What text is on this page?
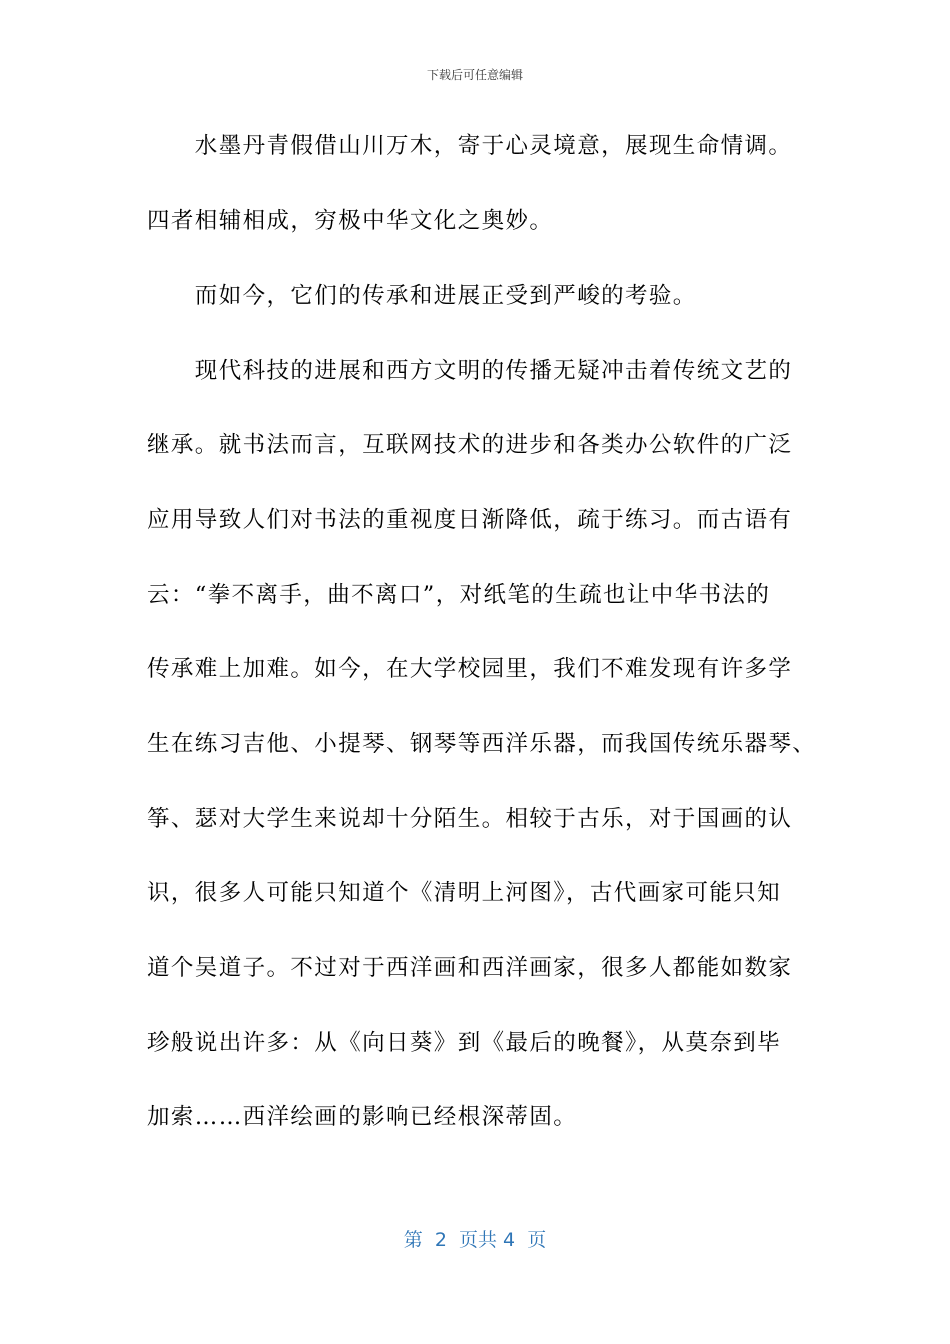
下载后可任意编辑
　　水墨丹青假借山川万木，寄于心灵境意，展现生命情调。
四者相辅相成，穷极中华文化之奥妙。
　　而如今，它们的传承和进展正受到严峻的考验。
　　现代科技的进展和西方文明的传播无疑冲击着传统文艺的
继承。就书法而言，互联网技术的进步和各类办公软件的广泛
应用导致人们对书法的重视度日渐降低，疏于练习。而古语有
云：“拳不离手，曲不离口”，对纸笔的生疏也让中华书法的
传承难上加难。如今，在大学校园里，我们不难发现有许多学
生在练习吉他、小提琴、钢琴等西洋乐器，而我国传统乐器琴、
筝、瑟对大学生来说却十分陌生。相较于古乐，对于国画的认
识，很多人可能只知道个《清明上河图》，古代画家可能只知
道个吴道子。不过对于西洋画和西洋画家，很多人都能如数家
珍般说出许多：从《向日葵》到《最后的晚餐》，从莫奈到毕
加索……西洋绘画的影响已经根深蒂固。
第  2  页共 4  页
